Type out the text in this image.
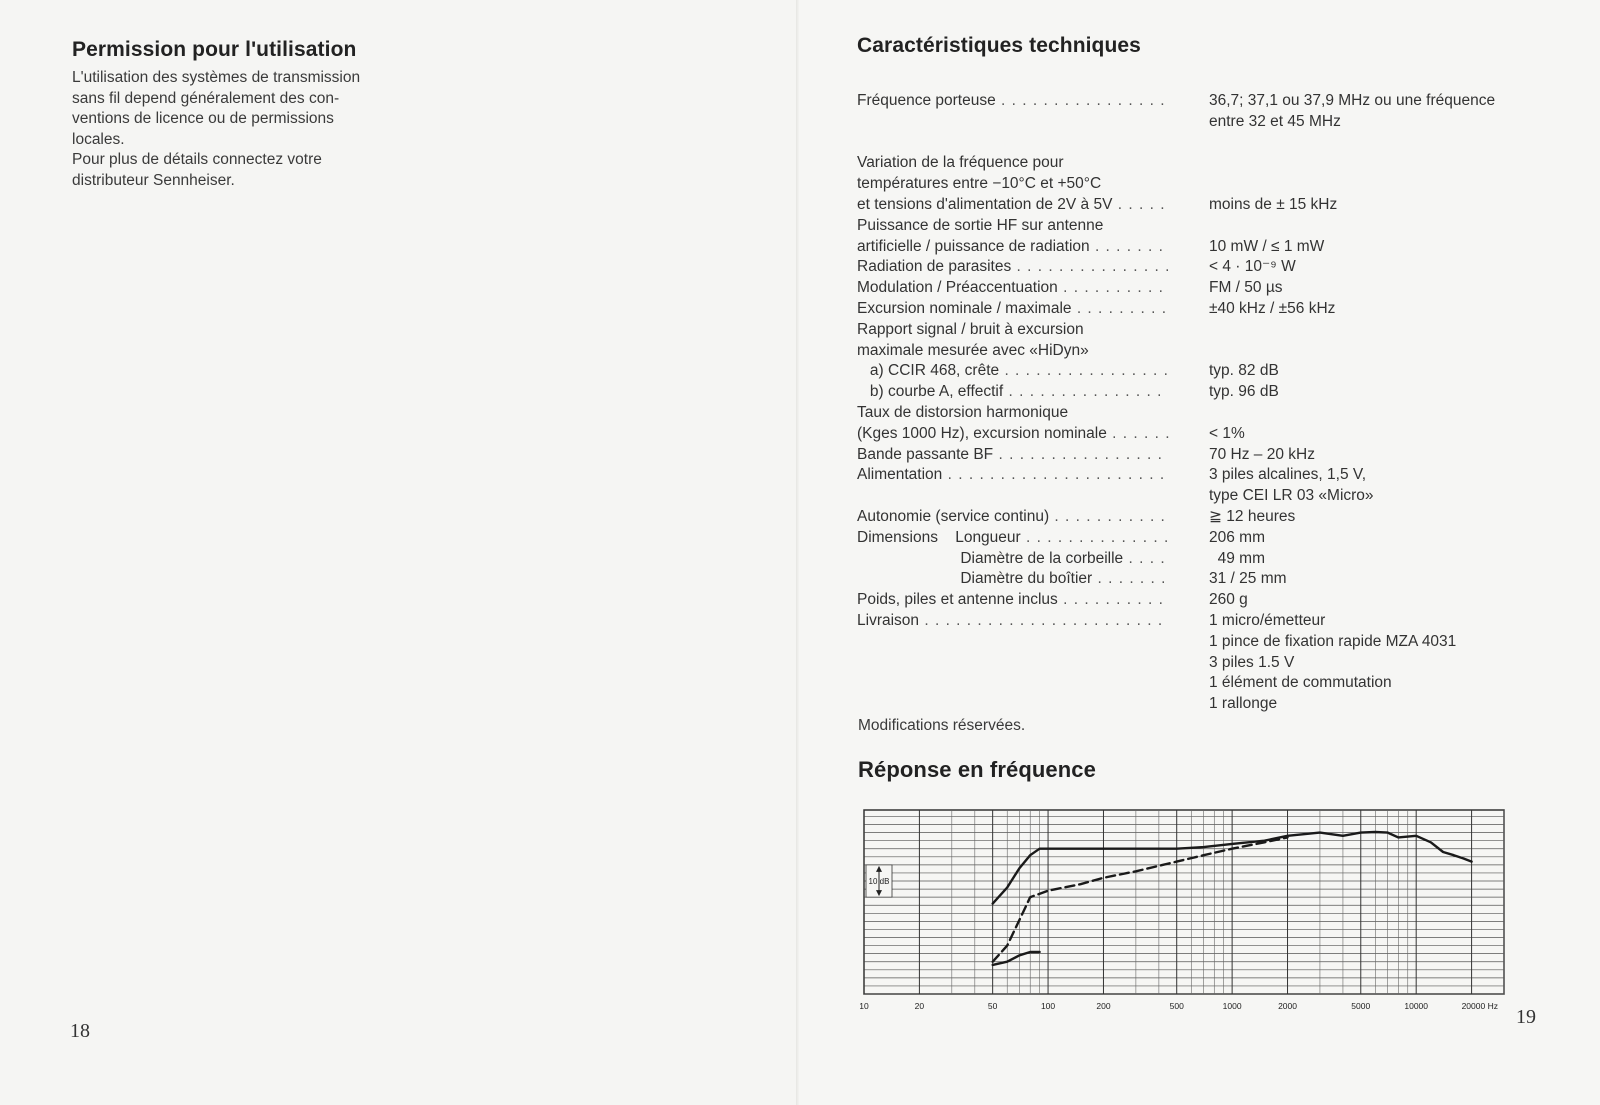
Permission pour l'utilisation
L'utilisation des systèmes de transmission
sans fil depend généralement des con-
ventions de licence ou de permissions
locales.
Pour plus de détails connectez votre
distributeur Sennheiser.
18
19
Caractéristiques techniques
Fréquence porteuse . . .	36,7; 37,1 ou 37,9 MHz ou une fréquence
entre 32 et 45 MHz
Variation de la fréquence pour
températures entre −10°C et +50°C
et tensions d'alimentation de 2V à 5V . . .	moins de ± 15 kHz
Puissance de sortie HF sur antenne
artificielle / puissance de radiation . . .	10 mW / ≤ 1 mW
Radiation de parasites . . .	< 4 · 10⁻⁹ W
Modulation / Préaccentuation . . .	FM / 50 µs
Excursion nominale / maximale . . .	±40 kHz / ±56 kHz
Rapport signal / bruit à excursion
maximale mesurée avec «HiDyn»
a) CCIR 468, crête . . .	typ. 82 dB
b) courbe A, effectif . . .	typ. 96 dB
Taux de distorsion harmonique
(Kges 1000 Hz), excursion nominale . . .	< 1%
Bande passante BF . . .	70 Hz – 20 kHz
Alimentation . . .	3 piles alcalines, 1,5 V,
type CEI LR 03 «Micro»
Autonomie (service continu) . . .	≧ 12 heures
Dimensions    Longueur . . .	206 mm
Diamètre de la corbeille . . .	49 mm
Diamètre du boîtier . . .	31 / 25 mm
Poids, piles et antenne inclus . . .	260 g
Livraison . . .	1 micro/émetteur
1 pince de fixation rapide MZA 4031
3 piles 1.5 V
1 élément de commutation
1 rallonge
Modifications réservées.
Réponse en fréquence
10	20	50	100	200	500	1000	2000	5000	10000	20000 Hz
10 dB
